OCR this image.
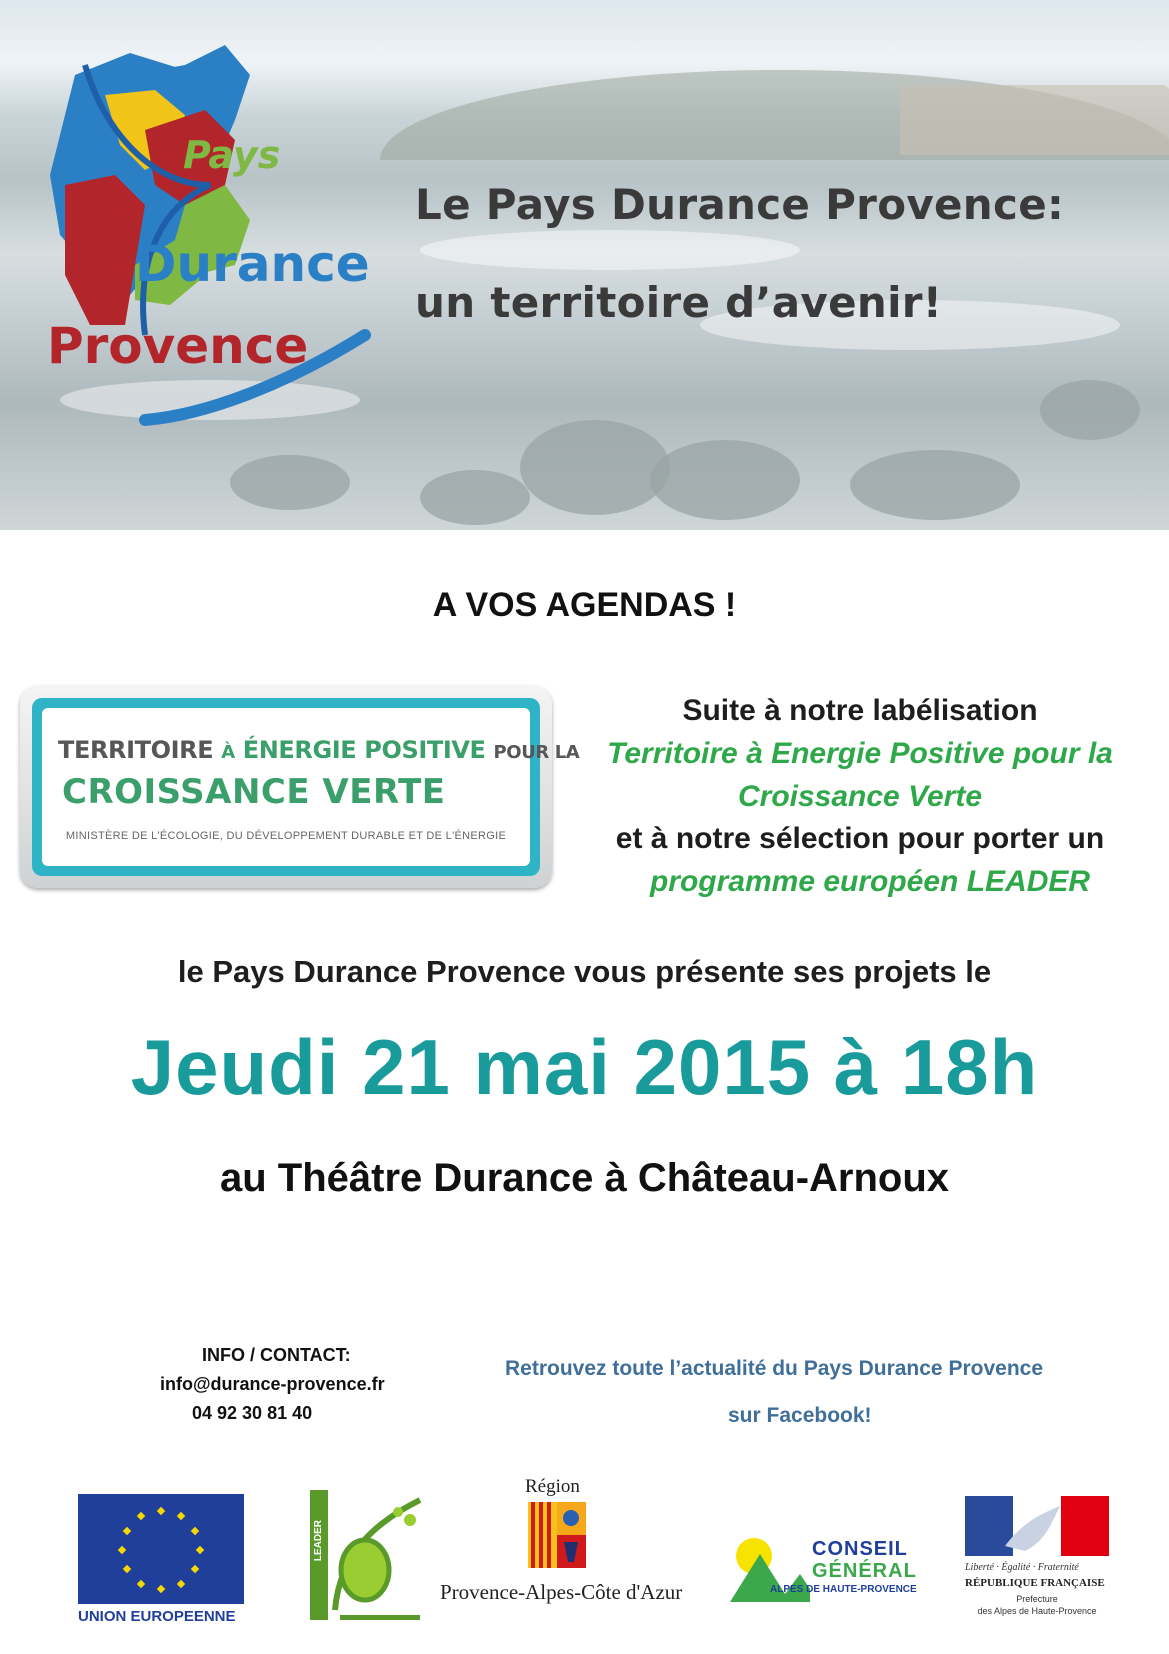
Pays
Durance
Provence
Le Pays Durance Provence:
un territoire d’avenir!
A VOS AGENDAS !
TERRITOIRE À ÉNERGIE POSITIVE POUR LA
CROISSANCE VERTE
MINISTÈRE DE L'ÉCOLOGIE, DU DÉVELOPPEMENT DURABLE ET DE L'ÉNERGIE
Suite à notre labélisation
Territoire à Energie Positive pour la
Croissance Verte
et à notre sélection pour porter un
programme européen LEADER
le Pays Durance Provence vous présente ses projets le
Jeudi 21 mai 2015 à 18h
au Théâtre Durance à Château-Arnoux
INFO / CONTACT:
info@durance-provence.fr
04 92 30 81 40
Retrouvez toute l’actualité du Pays Durance Provence
sur Facebook!
UNION EUROPEENNE
LEADER
Région
Provence-Alpes-Côte d'Azur
CONSEIL
GÉNÉRAL
ALPES DE HAUTE-PROVENCE
Liberté · Égalité · Fraternité
RÉPUBLIQUE FRANÇAISE
Prefecture
des Alpes de Haute-Provence
